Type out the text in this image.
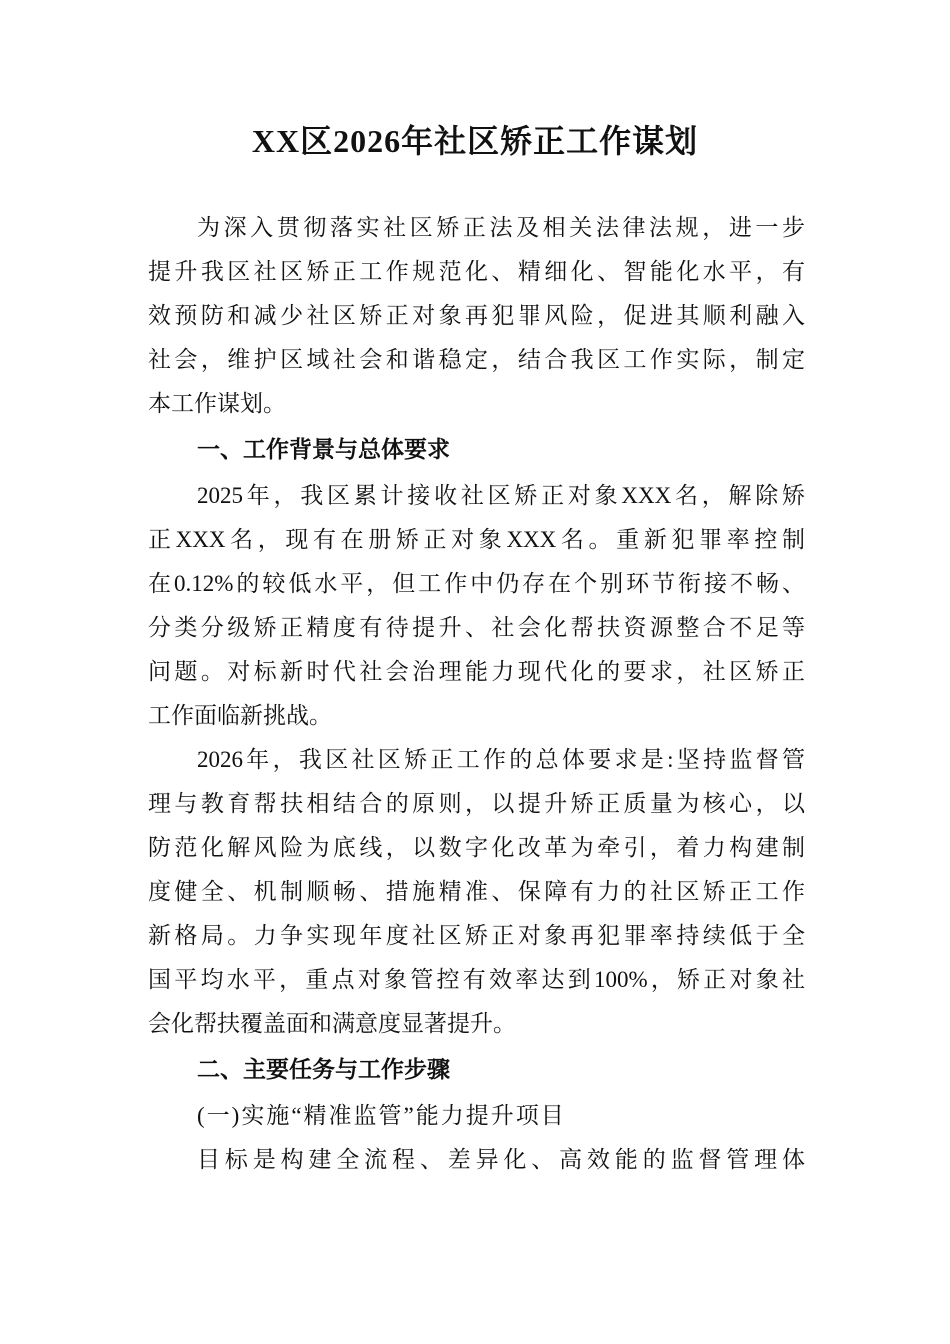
XX区2026年社区矫正工作谋划
为深入贯彻落实社区矫正法及相关法律法规，进一步
提升我区社区矫正工作规范化、精细化、智能化水平，有
效预防和减少社区矫正对象再犯罪风险，促进其顺利融入
社会，维护区域社会和谐稳定，结合我区工作实际，制定
本工作谋划。
一、工作背景与总体要求
2025年，我区累计接收社区矫正对象XXX名，解除矫
正XXX名，现有在册矫正对象XXX名。重新犯罪率控制
在0.12%的较低水平，但工作中仍存在个别环节衔接不畅、
分类分级矫正精度有待提升、社会化帮扶资源整合不足等
问题。对标新时代社会治理能力现代化的要求，社区矫正
工作面临新挑战。
2026年，我区社区矫正工作的总体要求是:坚持监督管
理与教育帮扶相结合的原则，以提升矫正质量为核心，以
防范化解风险为底线，以数字化改革为牵引，着力构建制
度健全、机制顺畅、措施精准、保障有力的社区矫正工作
新格局。力争实现年度社区矫正对象再犯罪率持续低于全
国平均水平，重点对象管控有效率达到100%，矫正对象社
会化帮扶覆盖面和满意度显著提升。
二、主要任务与工作步骤
(一)实施“精准监管”能力提升项目
目标是构建全流程、差异化、高效能的监督管理体
